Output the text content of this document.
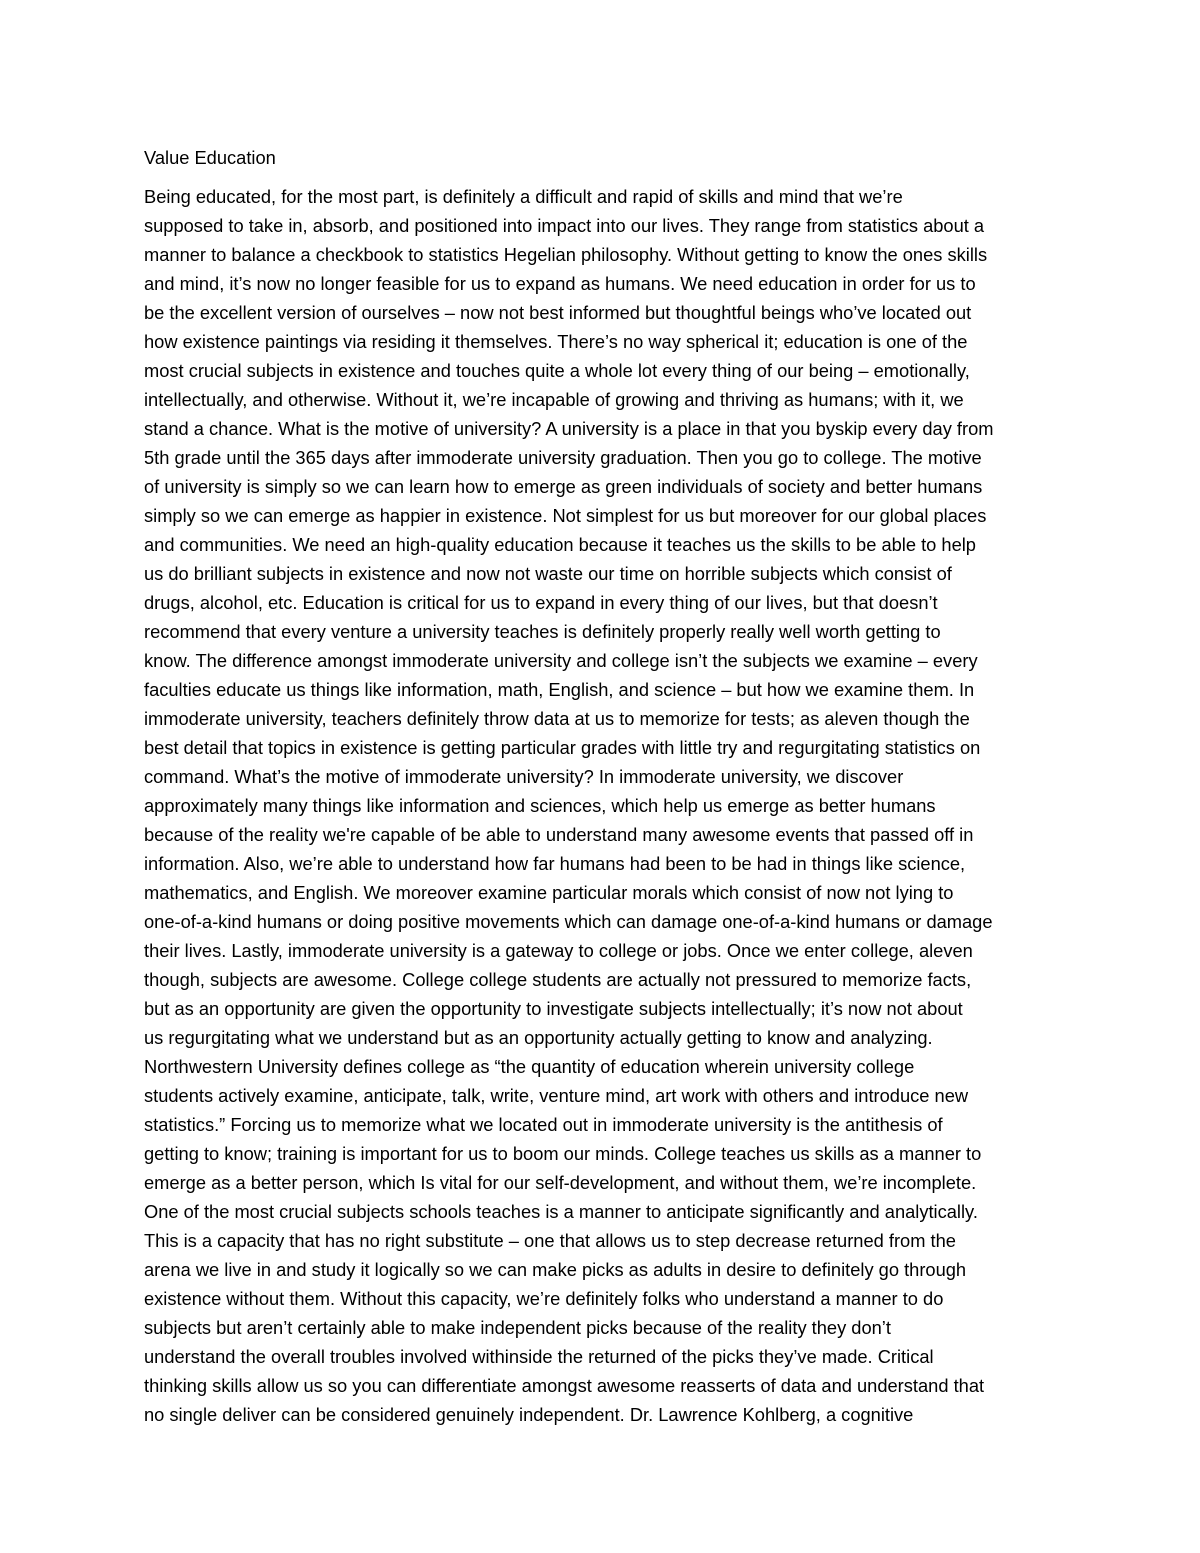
Value Education
Being educated, for the most part, is definitely a difficult and rapid of skills and mind that we’re
supposed to take in, absorb, and positioned into impact into our lives. They range from statistics about a
manner to balance a checkbook to statistics Hegelian philosophy. Without getting to know the ones skills
and mind, it’s now no longer feasible for us to expand as humans. We need education in order for us to
be the excellent version of ourselves – now not best informed but thoughtful beings who’ve located out
how existence paintings via residing it themselves. There’s no way spherical it; education is one of the
most crucial subjects in existence and touches quite a whole lot every thing of our being – emotionally,
intellectually, and otherwise. Without it, we’re incapable of growing and thriving as humans; with it, we
stand a chance. What is the motive of university? A university is a place in that you byskip every day from
5th grade until the 365 days after immoderate university graduation. Then you go to college. The motive
of university is simply so we can learn how to emerge as green individuals of society and better humans
simply so we can emerge as happier in existence. Not simplest for us but moreover for our global places
and communities. We need an high-quality education because it teaches us the skills to be able to help
us do brilliant subjects in existence and now not waste our time on horrible subjects which consist of
drugs, alcohol, etc. Education is critical for us to expand in every thing of our lives, but that doesn’t
recommend that every venture a university teaches is definitely properly really well worth getting to
know. The difference amongst immoderate university and college isn’t the subjects we examine – every
faculties educate us things like information, math, English, and science – but how we examine them. In
immoderate university, teachers definitely throw data at us to memorize for tests; as aleven though the
best detail that topics in existence is getting particular grades with little try and regurgitating statistics on
command. What’s the motive of immoderate university? In immoderate university, we discover
approximately many things like information and sciences, which help us emerge as better humans
because of the reality we're capable of be able to understand many awesome events that passed off in
information. Also, we’re able to understand how far humans had been to be had in things like science,
mathematics, and English. We moreover examine particular morals which consist of now not lying to
one-of-a-kind humans or doing positive movements which can damage one-of-a-kind humans or damage
their lives. Lastly, immoderate university is a gateway to college or jobs. Once we enter college, aleven
though, subjects are awesome. College college students are actually not pressured to memorize facts,
but as an opportunity are given the opportunity to investigate subjects intellectually; it’s now not about
us regurgitating what we understand but as an opportunity actually getting to know and analyzing.
Northwestern University defines college as “the quantity of education wherein university college
students actively examine, anticipate, talk, write, venture mind, art work with others and introduce new
statistics.” Forcing us to memorize what we located out in immoderate university is the antithesis of
getting to know; training is important for us to boom our minds. College teaches us skills as a manner to
emerge as a better person, which Is vital for our self-development, and without them, we’re incomplete.
One of the most crucial subjects schools teaches is a manner to anticipate significantly and analytically.
This is a capacity that has no right substitute – one that allows us to step decrease returned from the
arena we live in and study it logically so we can make picks as adults in desire to definitely go through
existence without them. Without this capacity, we’re definitely folks who understand a manner to do
subjects but aren’t certainly able to make independent picks because of the reality they don’t
understand the overall troubles involved withinside the returned of the picks they’ve made. Critical
thinking skills allow us so you can differentiate amongst awesome reasserts of data and understand that
no single deliver can be considered genuinely independent. Dr. Lawrence Kohlberg, a cognitive
